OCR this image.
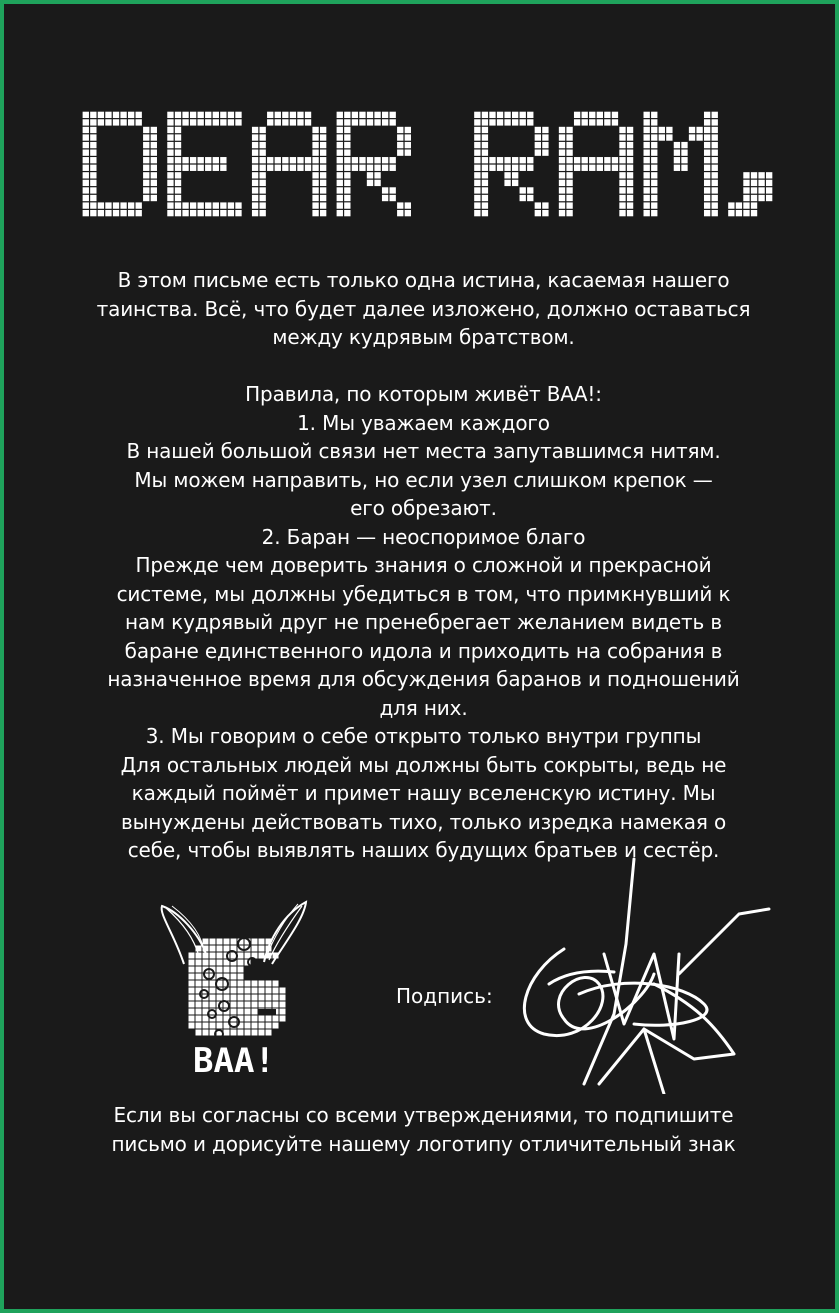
В этом письме есть только одна истина, касаемая нашего
таинства. Всё, что будет далее изложено, должно оставаться
между кудрявым братством.

Правила, по которым живёт ВАА!:
1. Мы уважаем каждого
В нашей большой связи нет места запутавшимся нитям.
Мы можем направить, но если узел слишком крепок —
его обрезают.
2. Баран — неоспоримое благо
Прежде чем доверить знания о сложной и прекрасной
системе, мы должны убедиться в том, что примкнувший к
нам кудрявый друг не пренебрегает желанием видеть в
баране единственного идола и приходить на собрания в
назначенное время для обсуждения баранов и подношений
для них.
3. Мы говорим о себе открыто только внутри группы
Для остальных людей мы должны быть сокрыты, ведь не
каждый поймёт и примет нашу вселенскую истину. Мы
вынуждены действовать тихо, только изредка намекая о
себе, чтобы выявлять наших будущих братьев и сестёр.
BAA!
Подпись:
Если вы согласны со всеми утверждениями, то подпишите
письмо и дорисуйте нашему логотипу отличительный знак
